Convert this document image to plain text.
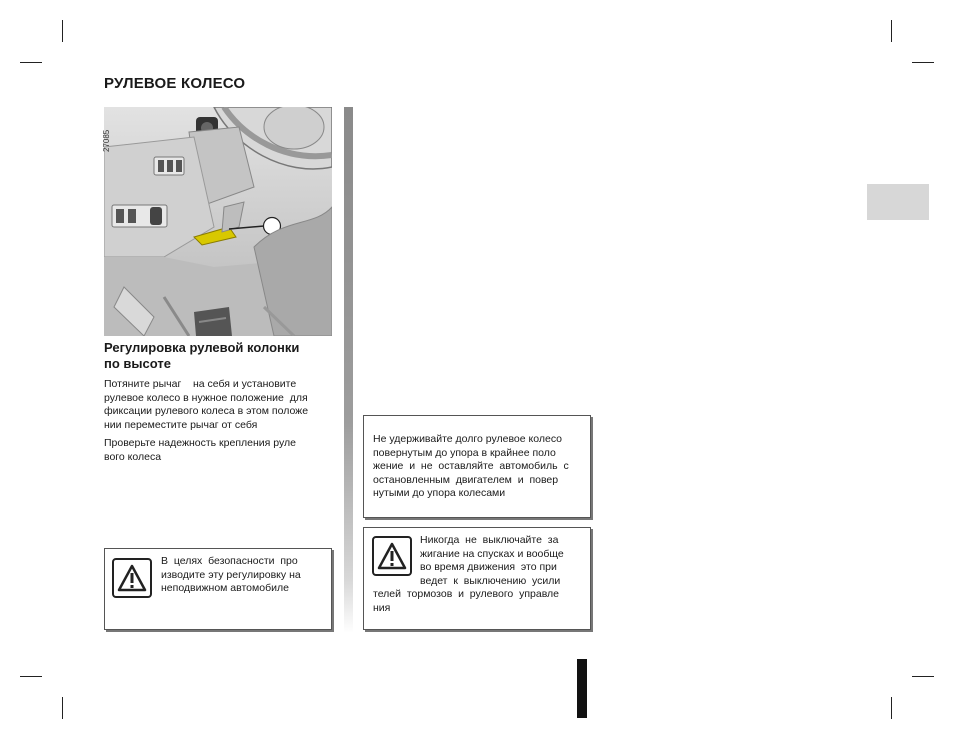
РУЛЕВОЕ КОЛЕСО
27085
Регулировка рулевой колонки
по высоте
Потяните рычаг    на себя и установите
рулевое колесо в нужное положение  для
фиксации рулевого колеса в этом положе
нии переместите рычаг от себя
Проверьте надежность крепления руле
вого колеса
В  целях  безопасности  про
изводите эту регулировку на
неподвижном автомобиле
Не удерживайте долго рулевое колесо
повернутым до упора в крайнее поло
жение  и  не  оставляйте  автомобиль  с
остановленным  двигателем  и  повер
нутыми до упора колесами
Никогда  не  выключайте  за
жигание на спусках и вообще
во время движения  это при
ведет  к  выключению  усили
телей  тормозов  и  рулевого  управле
ния
